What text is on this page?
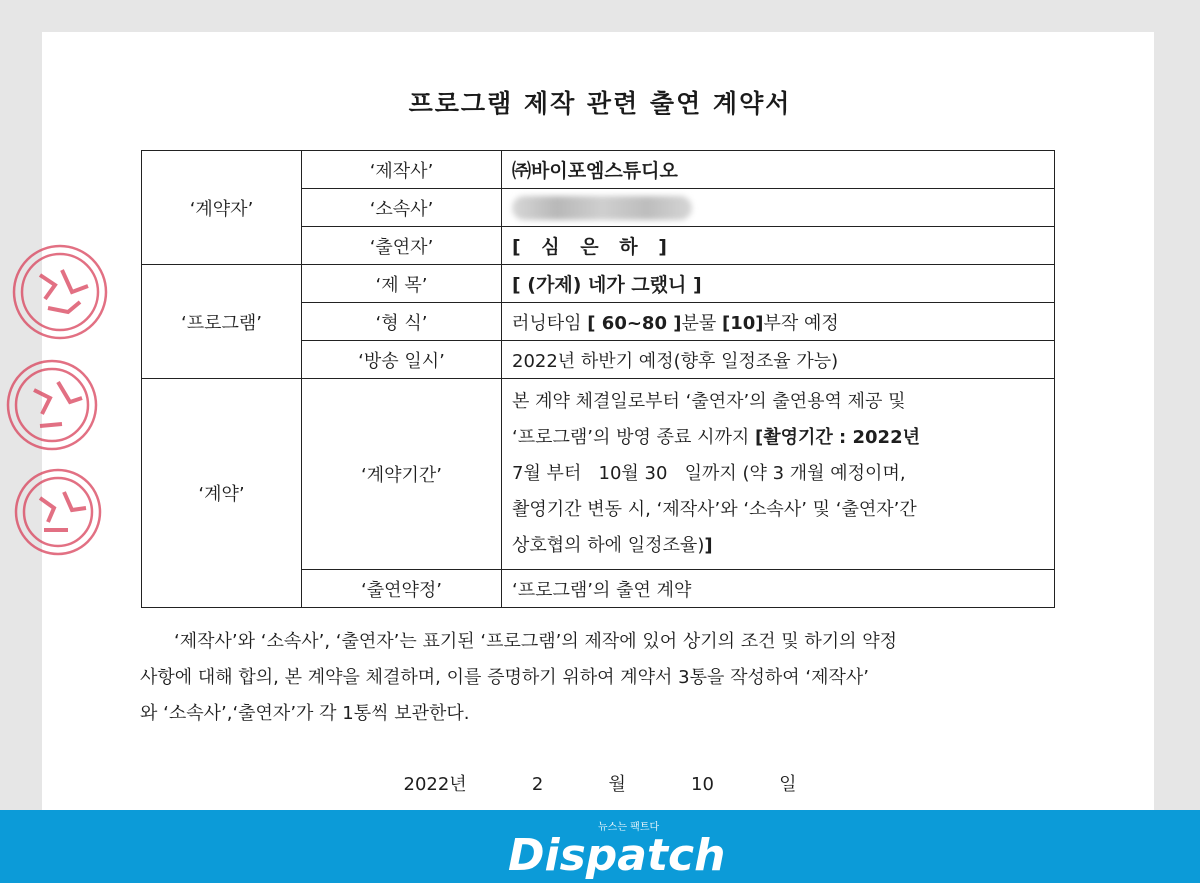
프로그램 제작 관련 출연 계약서
‘계약자’	‘제작사’	㈜바이포엠스튜디오
	‘소속사’	
	‘출연자’	[ 심 은 하 ]
‘프로그램’	‘제 목’	[ (가제) 네가 그랬니 ]
	‘형 식’	러닝타임 [ 60~80 ]분물 [10]부작 예정
	‘방송 일시’	2022년 하반기 예정(향후 일정조율 가능)
‘계약’	‘계약기간’	본 계약 체결일로부터 ‘출연자’의 출연용역 제공 및
‘프로그램’의 방영 종료 시까지 [촬영기간 : 2022년
7월 부터   10월 30   일까지 (약 3 개월 예정이며,
촬영기간 변동 시, ‘제작사’와 ‘소속사’ 및 ‘출연자’간
상호협의 하에 일정조율)]

	‘출연약정’	‘프로그램’의 출연 계약
‘제작사’와 ‘소속사’, ‘출연자’는 표기된 ‘프로그램’의 제작에 있어 상기의 조건 및 하기의 약정
사항에 대해 합의, 본 계약을 체결하며, 이를 증명하기 위하여 계약서 3통을 작성하여 ‘제작사’
와 ‘소속사’,‘출연자’가 각 1통씩 보관한다.
2022년   2   월   10   일
뉴스는 팩트다
Dispatch
